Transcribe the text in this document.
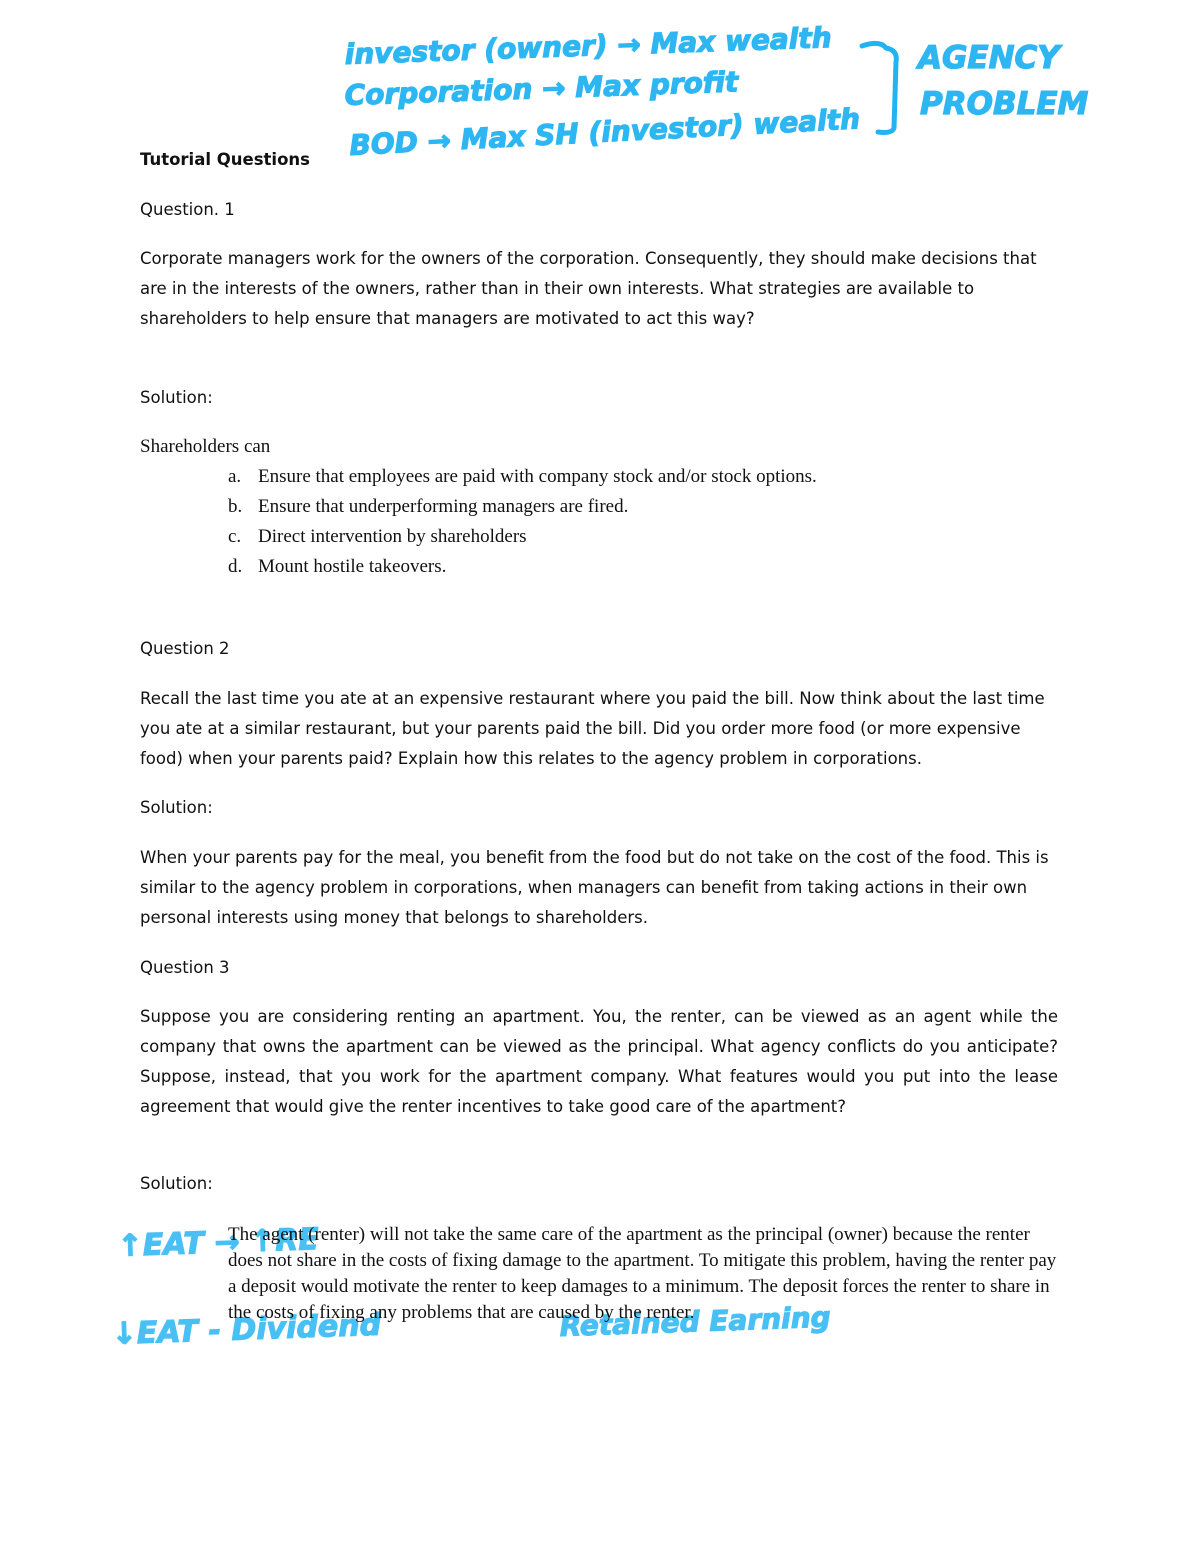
investor (owner) → Max wealth
Corporation → Max profit
BOD → Max SH (investor) wealth
AGENCY
PROBLEM
Tutorial Questions
Question. 1
Corporate managers work for the owners of the corporation. Consequently, they should make decisions that are in the interests of the owners, rather than in their own interests. What strategies are available to shareholders to help ensure that managers are motivated to act this way?
Solution:
Shareholders can
a. Ensure that employees are paid with company stock and/or stock options.
b. Ensure that underperforming managers are fired.
c. Direct intervention by shareholders
d. Mount hostile takeovers.
Question 2
Recall the last time you ate at an expensive restaurant where you paid the bill. Now think about the last time you ate at a similar restaurant, but your parents paid the bill. Did you order more food (or more expensive food) when your parents paid? Explain how this relates to the agency problem in corporations.
Solution:
When your parents pay for the meal, you benefit from the food but do not take on the cost of the food. This is similar to the agency problem in corporations, when managers can benefit from taking actions in their own personal interests using money that belongs to shareholders.
Question 3
Suppose you are considering renting an apartment. You, the renter, can be viewed as an agent while the company that owns the apartment can be viewed as the principal. What agency conflicts do you anticipate? Suppose, instead, that you work for the apartment company. What features would you put into the lease agreement that would give the renter incentives to take good care of the apartment?
Solution:
↑EAT → ↑RE
↓EAT - Dividend	Retained Earning
The agent (renter) will not take the same care of the apartment as the principal (owner) because the renter does not share in the costs of fixing damage to the apartment. To mitigate this problem, having the renter pay a deposit would motivate the renter to keep damages to a minimum. The deposit forces the renter to share in the costs of fixing any problems that are caused by the renter.
